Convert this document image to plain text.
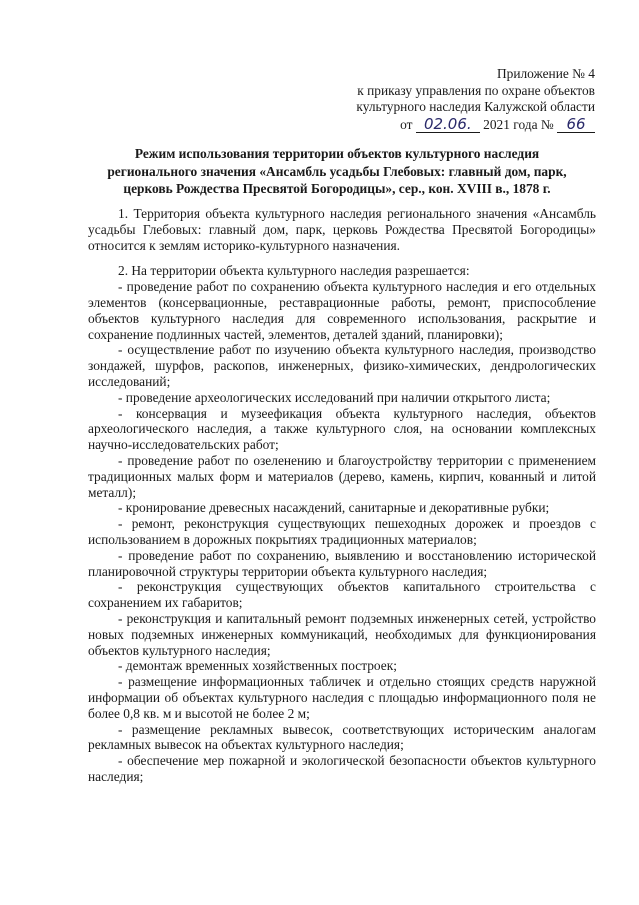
Приложение № 4
к приказу управления по охране объектов
культурного наследия Калужской области
от 02.06. 2021 года № 66
Режим использования территории объектов культурного наследия
регионального значения «Ансамбль усадьбы Глебовых: главный дом, парк,
церковь Рождества Пресвятой Богородицы», сер., кон. XVIII в., 1878 г.

1. Территория объекта культурного наследия регионального значения «Ансамбль усадьбы Глебовых: главный дом, парк, церковь Рождества Пресвятой Богородицы» относится к землям историко-культурного назначения.

2. На территории объекта культурного наследия разрешается:

- проведение работ по сохранению объекта культурного наследия и его отдельных элементов (консервационные, реставрационные работы, ремонт, приспособление объектов культурного наследия для современного использования, раскрытие и сохранение подлинных частей, элементов, деталей зданий, планировки);

- осуществление работ по изучению объекта культурного наследия, производство зондажей, шурфов, раскопов, инженерных, физико-химических, дендрологических исследований;

- проведение археологических исследований при наличии открытого листа;

- консервация и музеефикация объекта культурного наследия, объектов археологического наследия, а также культурного слоя, на основании комплексных научно-исследовательских работ;

- проведение работ по озеленению и благоустройству территории с применением традиционных малых форм и материалов (дерево, камень, кирпич, кованный и литой металл);

- кронирование древесных насаждений, санитарные и декоративные рубки;

- ремонт, реконструкция существующих пешеходных дорожек и проездов с использованием в дорожных покрытиях традиционных материалов;

- проведение работ по сохранению, выявлению и восстановлению исторической планировочной структуры территории объекта культурного наследия;

- реконструкция существующих объектов капитального строительства с сохранением их габаритов;

- реконструкция и капитальный ремонт подземных инженерных сетей, устройство новых подземных инженерных коммуникаций, необходимых для функционирования объектов культурного наследия;

- демонтаж временных хозяйственных построек;

- размещение информационных табличек и отдельно стоящих средств наружной информации об объектах культурного наследия с площадью информационного поля не более 0,8 кв. м и высотой не более 2 м;

- размещение рекламных вывесок, соответствующих историческим аналогам рекламных вывесок на объектах культурного наследия;

- обеспечение мер пожарной и экологической безопасности объектов культурного наследия;
